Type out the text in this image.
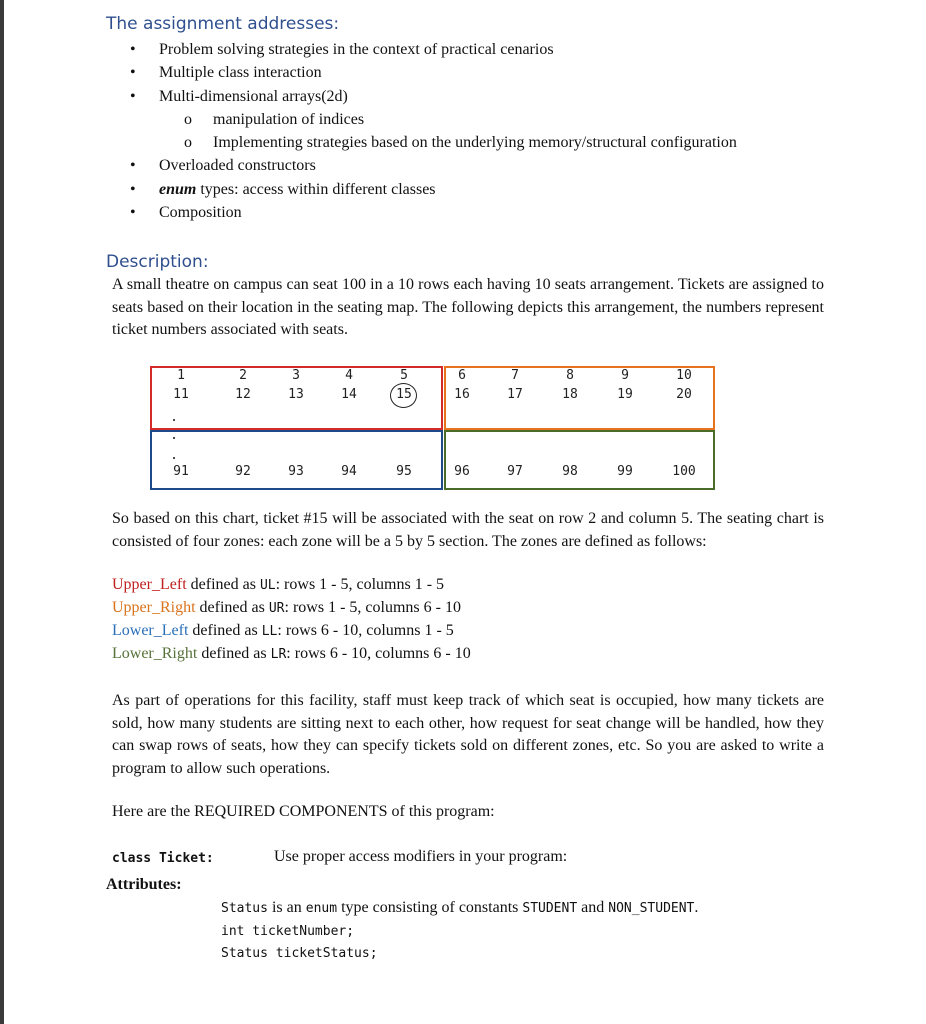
The assignment addresses:
• Problem solving strategies in the context of practical cenarios
• Multiple class interaction
• Multi-dimensional arrays(2d)
o manipulation of indices
o Implementing strategies based on the underlying memory/structural configuration
• Overloaded constructors
• enum types: access within different classes
• Composition
Description:
A small theatre on campus can seat 100 in a 10 rows each having 10 seats arrangement. Tickets are assigned to seats based on their location in the seating map. The following depicts this arrangement, the numbers represent ticket numbers associated with seats.
1	2	3	4	5	6	7	8	9	10
11	12	13	14	15	16	17	18	19	20
91	92	93	94	95	96	97	98	99	100
.
.
.
So based on this chart, ticket #15 will be associated with the seat on row 2 and column 5. The seating chart is consisted of four zones: each zone will be a 5 by 5 section. The zones are defined as follows:
Upper_Left defined as UL: rows 1 - 5, columns 1 - 5
Upper_Right defined as UR: rows 1 - 5, columns 6 - 10
Lower_Left defined as LL: rows 6 - 10, columns 1 - 5
Lower_Right defined as LR: rows 6 - 10, columns 6 - 10
As part of operations for this facility, staff must keep track of which seat is occupied, how many tickets are sold, how many students are sitting next to each other, how request for seat change will be handled, how they can swap rows of seats, how they can specify tickets sold on different zones, etc. So you are asked to write a program to allow such operations.
Here are the REQUIRED COMPONENTS of this program:
class Ticket:	Use proper access modifiers in your program:
Attributes:
Status is an enum type consisting of constants STUDENT and NON_STUDENT.
int ticketNumber;
Status ticketStatus;
